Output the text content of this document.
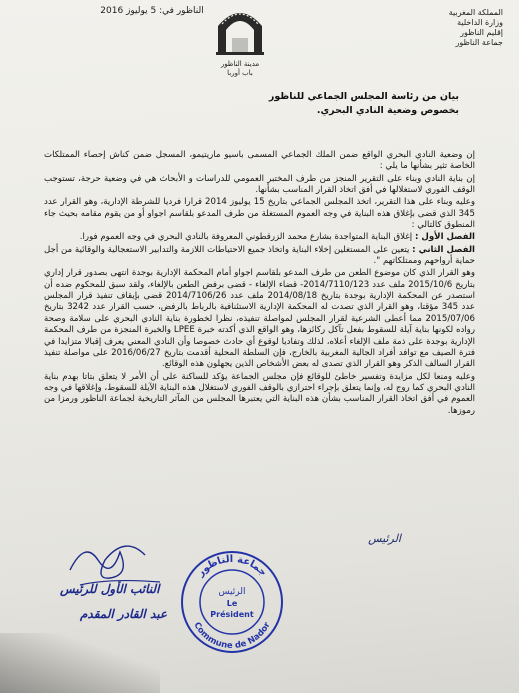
المملكة المغربية
وزارة الداخلية
إقليم الناظور
جماعة الناظور
الناظور في: 5 يوليوز 2016
مدينة الناظور
باب أوربا
بيان من رئاسة المجلس الجماعي للناظور
بخصوص وضعية النادي البحري.

إن وضعية النادي البحري الواقع ضمن الملك الجماعي المسمى باسيو ماريتيمو، المسجل ضمن كناش إحصاء الممتلكات الخاصة تثير بشأنها ما يلي :

إن بناية النادي وبناء على التقرير المنجز من طرف المختبر العمومي للدراسات و الأبحاث هي في وضعية حرجة، تستوجب الوقف الفوري لاستغلالها في أفق اتخاذ القرار المناسب بشأنها.

وعليه وبناء على هذا التقرير، اتخذ المجلس الجماعي بتاريخ 15 يوليوز 2014 قرارا فرديا للشرطة الإدارية، وهو القرار عدد 345 الذي قضى بإغلاق هذه البناية في وجه العموم المستغلة من طرف المدعو بلقاسم اجواو أو من يقوم مقامه بحيث جاء المنطوق كالتالي :

الفصل الأول : إغلاق البناية المتواجدة بشارع محمد الزرقطوني المعروفة بالنادي البحري في وجه العموم فورا.

الفصل الثاني : يتعين على المستغلين إخلاء البناية واتخاذ جميع الاحتياطات اللازمة والتدابير الاستعجالية والوقائية من أجل حماية أرواحهم وممتلكاتهم ".

وهو القرار الذي كان موضوع الطعن من طرف المدعو بلقاسم اجواو أمام المحكمة الإدارية بوجدة انتهى بصدور قرار إداري بتاريخ 2015/10/6 ملف عدد 2014/7110/123- قضاء الإلغاء - قضى برفض الطعن بالإلغاء، ولقد سبق للمحكوم ضده أن استصدر عن المحكمة الإدارية بوجدة بتاريخ 2014/08/18 ملف عدد 2014/7106/26 قضى بإيقاف تنفيذ قرار المجلس عدد 345 مؤقتا، وهو القرار الذي تصدت له المحكمة الإدارية الاستئنافية بالرباط بالرفض، حسب القرار عدد 3242 بتاريخ 2015/07/06 مما أعطى الشرعية لقرار المجلس لمواصلة تنفيذه، نظرا لخطورة بناية النادي البحري على سلامة وصحة رواده لكونها بناية آيلة للسقوط بفعل تآكل ركائزها، وهو الواقع الذي أكدته خبرة LPEE والخبرة المنجزة من طرف المحكمة الإدارية بوجدة على ذمة ملف الإلغاء أعلاه، لذلك وتفاديا لوقوع أي حادث خصوصا وأن النادي المعني يعرف إقبالا متزايدا في فترة الصيف مع توافد أفراد الجالية المغربية بالخارج، فإن السلطة المحلية أقدمت بتاريخ 2016/06/27 على مواصلة تنفيذ القرار السالف الذكر وهو القرار الذي تصدى له بعض الأشخاص الذين يجهلون هذه الوقائع.

وعليه ومنعا لكل مزايدة وتفسير خاطئ للوقائع فإن مجلس الجماعة يؤكد للساكنة على أن الأمر لا يتعلق بتاتا بهدم بناية النادي البحري كما روج له، وإنما يتعلق بإجراء احترازي بالوقف الفوري لاستغلال هذه البناية الآيلة للسقوط، وإغلاقها في وجه العموم في أفق اتخاذ القرار المناسب بشأن هذه البناية التي يعتبرها المجلس من المآثر التاريخية لجماعة الناظور ورمزا من رموزها.

الرئيس
النائب الأول للرئيس
عبد القادر المقدم
جماعة الناظور
Commune de Nador
الرئيس
Le
Président
